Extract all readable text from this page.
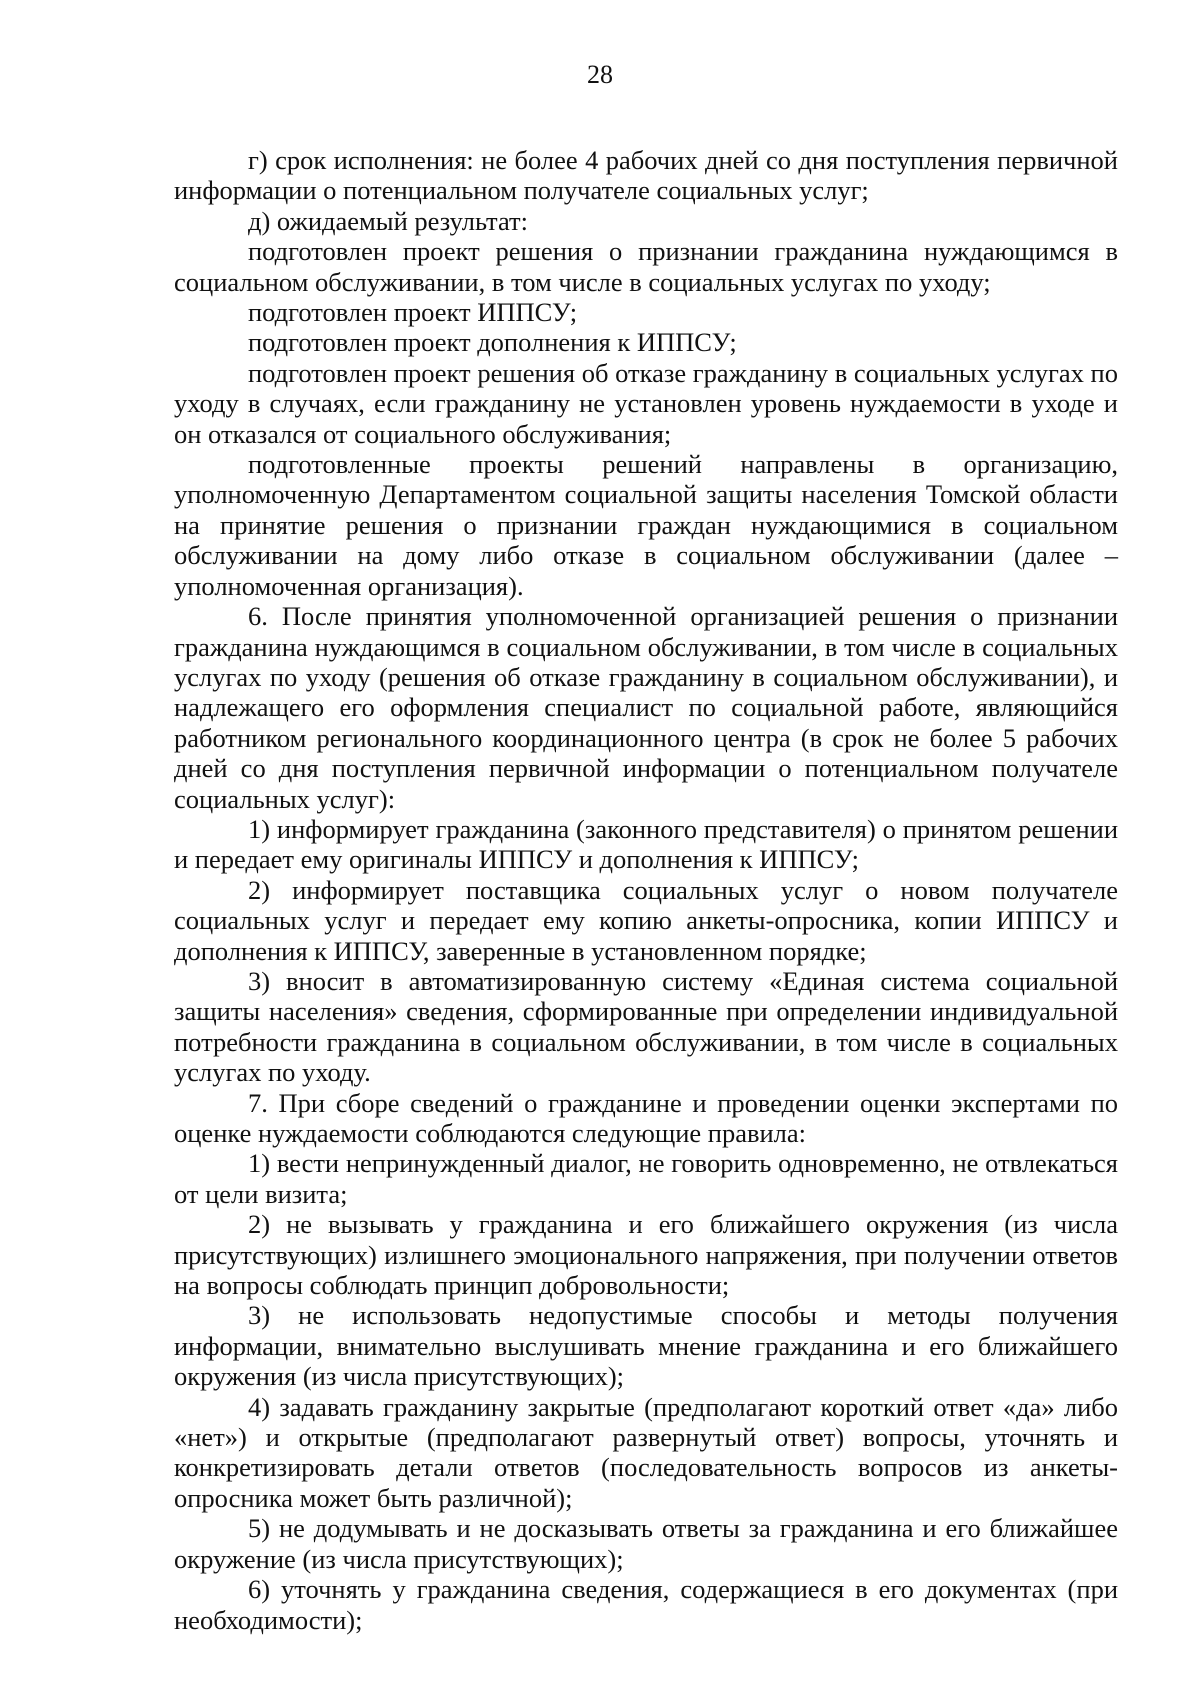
28

г) срок исполнения: не более 4 рабочих дней со дня поступления первичной информации о потенциальном получателе социальных услуг;

д) ожидаемый результат:

подготовлен проект решения о признании гражданина нуждающимся в социальном обслуживании, в том числе в социальных услугах по уходу;

подготовлен проект ИППСУ;

подготовлен проект дополнения к ИППСУ;

подготовлен проект решения об отказе гражданину в социальных услугах по уходу в случаях, если гражданину не установлен уровень нуждаемости в уходе и он отказался от социального обслуживания;

подготовленные проекты решений направлены в организацию, уполномоченную Департаментом социальной защиты населения Томской области на принятие решения о признании граждан нуждающимися в социальном обслуживании на дому либо отказе в социальном обслуживании (далее – уполномоченная организация).

6. После принятия уполномоченной организацией решения о признании гражданина нуждающимся в социальном обслуживании, в том числе в социальных услугах по уходу (решения об отказе гражданину в социальном обслуживании), и надлежащего его оформления специалист по социальной работе, являющийся работником регионального координационного центра (в срок не более 5 рабочих дней со дня поступления первичной информации о потенциальном получателе социальных услуг):

1) информирует гражданина (законного представителя) о принятом решении и передает ему оригиналы ИППСУ и дополнения к ИППСУ;

2) информирует поставщика социальных услуг о новом получателе социальных услуг и передает ему копию анкеты-опросника, копии ИППСУ и дополнения к ИППСУ, заверенные в установленном порядке;

3) вносит в автоматизированную систему «Единая система социальной защиты населения» сведения, сформированные при определении индивидуальной потребности гражданина в социальном обслуживании, в том числе в социальных услугах по уходу.

7. При сборе сведений о гражданине и проведении оценки экспертами по оценке нуждаемости соблюдаются следующие правила:

1) вести непринужденный диалог, не говорить одновременно, не отвлекаться от цели визита;

2) не вызывать у гражданина и его ближайшего окружения (из числа присутствующих) излишнего эмоционального напряжения, при получении ответов на вопросы соблюдать принцип добровольности;

3) не использовать недопустимые способы и методы получения информации, внимательно выслушивать мнение гражданина и его ближайшего окружения (из числа присутствующих);

4) задавать гражданину закрытые (предполагают короткий ответ «да» либо «нет») и открытые (предполагают развернутый ответ) вопросы, уточнять и конкретизировать детали ответов (последовательность вопросов из анкеты-опросника может быть различной);

5) не додумывать и не досказывать ответы за гражданина и его ближайшее окружение (из числа присутствующих);

6) уточнять у гражданина сведения, содержащиеся в его документах (при необходимости);
